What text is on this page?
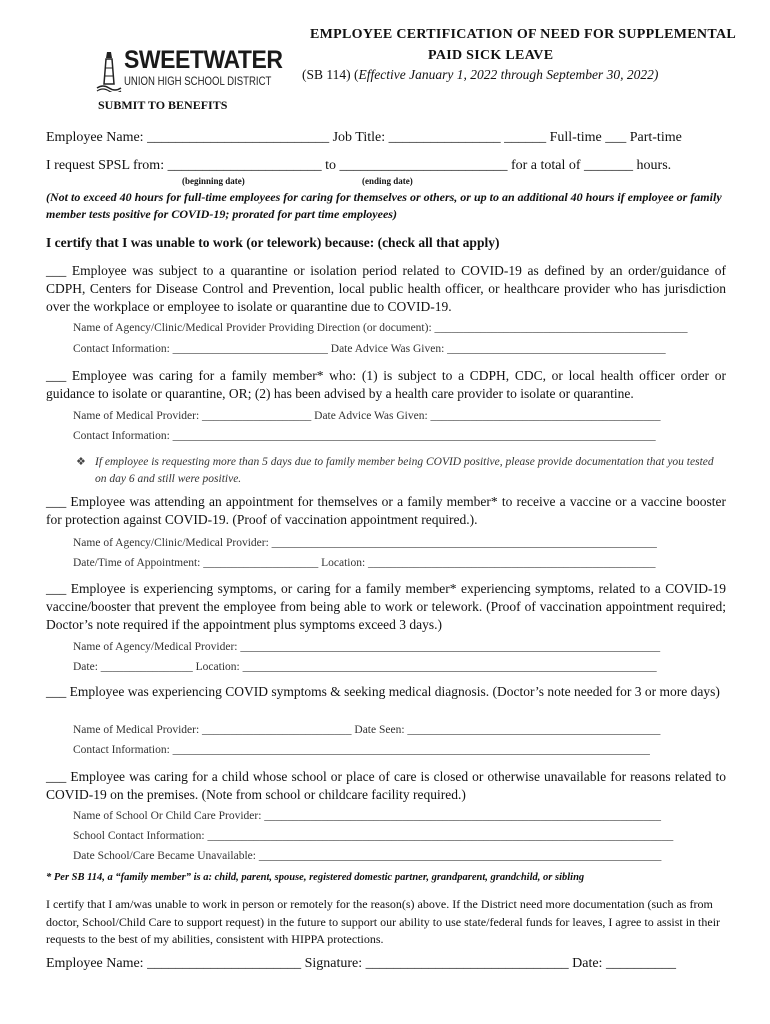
SWEETWATER
UNION HIGH SCHOOL DISTRICT
EMPLOYEE CERTIFICATION OF NEED FOR SUPPLEMENTAL
PAID SICK LEAVE
(SB 114) (Effective January 1, 2022 through September 30, 2022)
SUBMIT TO BENEFITS
Employee Name: __________________________ Job Title: ________________ ______ Full-time ___ Part-time
I request SPSL from: ______________________ to ________________________ for a total of _______ hours.
(beginning date)	(ending date)
(Not to exceed 40 hours for full-time employees for caring for themselves or others, or up to an additional 40 hours if employee or family member tests positive for COVID-19; prorated for part time employees)
I certify that I was unable to work (or telework) because: (check all that apply)
___ Employee was subject to a quarantine or isolation period related to COVID-19 as defined by an order/guidance of CDPH, Centers for Disease Control and Prevention, local public health officer, or healthcare provider who has jurisdiction over the workplace or employee to isolate or quarantine due to COVID-19.
Name of Agency/Clinic/Medical Provider Providing Direction (or document): ____________________________________________
Contact Information: ___________________________ Date Advice Was Given: ______________________________________
___ Employee was caring for a family member* who: (1) is subject to a CDPH, CDC, or local health officer order or guidance to isolate or quarantine, OR; (2) has been advised by a health care provider to isolate or quarantine.
Name of Medical Provider: ___________________ Date Advice Was Given: ________________________________________
Contact Information: ____________________________________________________________________________________
❖ If employee is requesting more than 5 days due to family member being COVID positive, please provide documentation that you tested on day 6 and still were positive.
___ Employee was attending an appointment for themselves or a family member* to receive a vaccine or a vaccine booster for protection against COVID-19. (Proof of vaccination appointment required.).
Name of Agency/Clinic/Medical Provider: ___________________________________________________________________
Date/Time of Appointment: ____________________ Location: __________________________________________________
___ Employee is experiencing symptoms, or caring for a family member* experiencing symptoms, related to a COVID-19 vaccine/booster that prevent the employee from being able to work or telework. (Proof of vaccination appointment required; Doctor’s note required if the appointment plus symptoms exceed 3 days.)
Name of Agency/Medical Provider: _________________________________________________________________________
Date: ________________ Location: ________________________________________________________________________
___ Employee was experiencing COVID symptoms & seeking medical diagnosis. (Doctor’s note needed for 3 or more days)
Name of Medical Provider: __________________________ Date Seen: ____________________________________________
Contact Information: ___________________________________________________________________________________
___ Employee was caring for a child whose school or place of care is closed or otherwise unavailable for reasons related to COVID-19 on the premises. (Note from school or childcare facility required.)
Name of School Or Child Care Provider: _____________________________________________________________________
School Contact Information: _________________________________________________________________________________
Date School/Care Became Unavailable: ______________________________________________________________________
* Per SB 114, a “family member” is a: child, parent, spouse, registered domestic partner, grandparent, grandchild, or sibling
I certify that I am/was unable to work in person or remotely for the reason(s) above. If the District need more documentation (such as from doctor, School/Child Care to support request) in the future to support our ability to use state/federal funds for leaves, I agree to assist in their requests to the best of my abilities, consistent with HIPPA protections.
Employee Name: ______________________ Signature: _____________________________ Date: __________
